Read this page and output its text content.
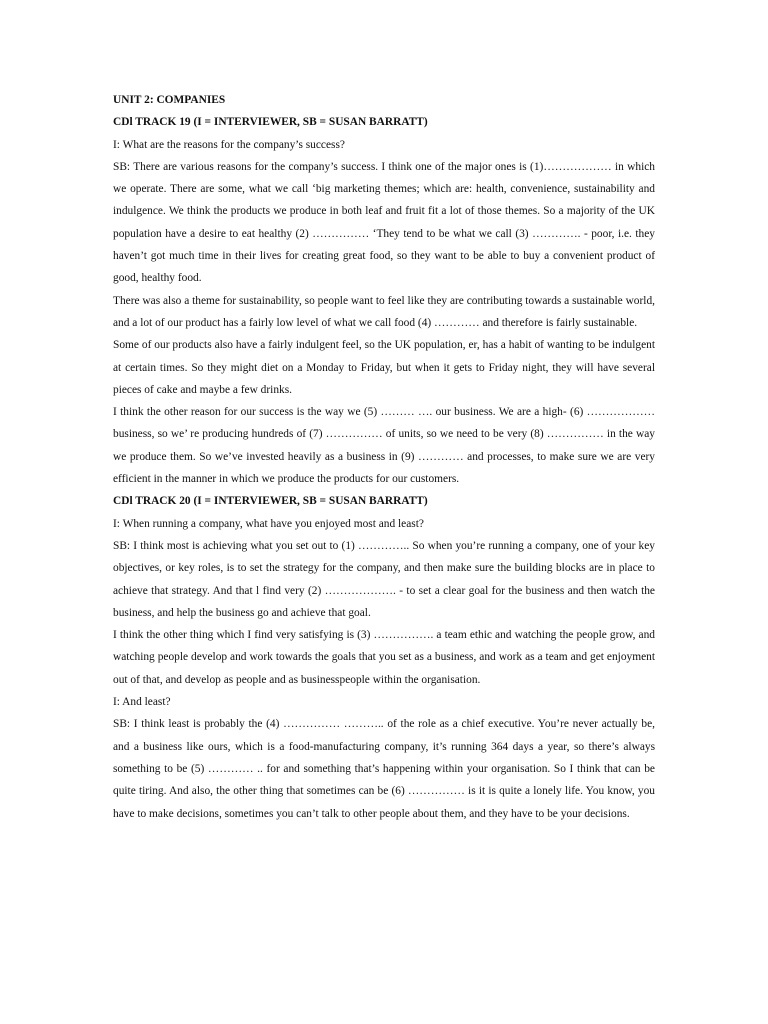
UNIT 2: COMPANIES

CDl TRACK 19 (I = INTERVIEWER, SB = SUSAN BARRATT)

I: What are the reasons for the company’s success?

SB: There are various reasons for the company’s success. I think one of the major ones is (1)……………… in which we operate. There are some, what we call ‘big marketing themes; which are: health, convenience, sustainability and indulgence. We think the products we produce in both leaf and fruit fit a lot of those themes. So a majority of the UK population have a desire to eat healthy (2) …………… ‘They tend to be what we call (3) …………. - poor, i.e. they haven’t got much time in their lives for creating great food, so they want to be able to buy a convenient product of good, healthy food.

There was also a theme for sustainability, so people want to feel like they are contributing towards a sustainable world, and a lot of our product has a fairly low level of what we call food (4) ………… and therefore is fairly sustainable.

Some of our products also have a fairly indulgent feel, so the UK population, er, has a habit of wanting to be indulgent at certain times. So they might diet on a Monday to Friday, but when it gets to Friday night, they will have several pieces of cake and maybe a few drinks.

I think the other reason for our success is the way we (5) ……… …. our business. We are a high- (6) ……………… business, so we’ re producing hundreds of (7) …………… of units, so we need to be very (8) …………… in the way we produce them. So we’ve invested heavily as a business in (9) ………… and processes, to make sure we are very efficient in the manner in which we produce the products for our customers.

CDl TRACK 20 (I = INTERVIEWER, SB = SUSAN BARRATT)

I: When running a company, what have you enjoyed most and least?

SB: I think most is achieving what you set out to (1) ………….. So when you’re running a company, one of your key objectives, or key roles, is to set the strategy for the company, and then make sure the building blocks are in place to achieve that strategy. And that l find very (2) ………………. - to set a clear goal for the business and then watch the business, and help the business go and achieve that goal.

I think the other thing which I find very satisfying is (3) ……………. a team ethic and watching the people grow, and watching people develop and work towards the goals that you set as a business, and work as a team and get enjoyment out of that, and develop as people and as businesspeople within the organisation.

I: And least?

SB: I think least is probably the (4) …………… ……….. of the role as a chief executive. You’re never actually be, and a business like ours, which is a food-manufacturing company, it’s running 364 days a year, so there’s always something to be (5) ………… .. for and something that’s happening within your organisation. So I think that can be quite tiring. And also, the other thing that sometimes can be (6) …………… is it is quite a lonely life. You know, you have to make decisions, sometimes you can’t talk to other people about them, and they have to be your decisions.
